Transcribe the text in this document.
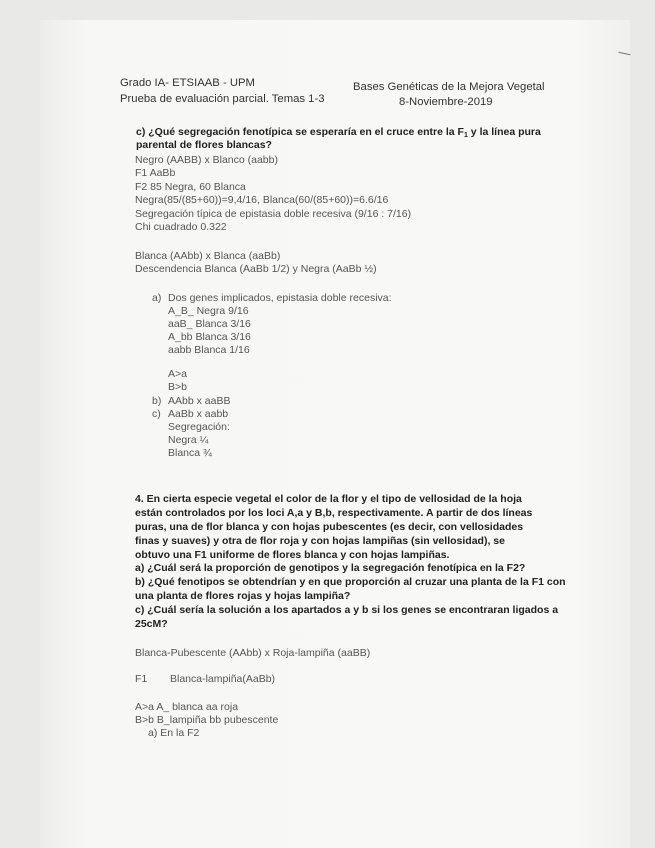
Grado IA- ETSIAAB - UPM
Prueba de evaluación parcial. Temas 1-3
Bases Genéticas de la Mejora Vegetal
8-Noviembre-2019
c) ¿Qué segregación fenotípica se esperaría en el cruce entre la $F_1$ y la línea pura
parental de flores blancas?
Negro (AABB) x Blanco (aabb)
F1 AaBb
F2 85 Negra, 60 Blanca
Negra(85/(85+60))=9,4/16, Blanca(60/(85+60))=6.6/16
Segregación típica de epistasia doble recesiva (9/16 : 7/16)
Chi cuadrado 0.322
Blanca (AAbb) x Blanca (aaBb)
Descendencia Blanca (AaBb 1/2) y Negra (AaBb ½)
a) Dos genes implicados, epistasia doble recesiva:
A_B_ Negra 9/16
aaB_ Blanca 3/16
A_bb Blanca 3/16
aabb Blanca 1/16
A>a
B>b
b) AAbb x aaBB
c) AaBb x aabb
Segregación:
Negra ¼
Blanca ¾
4. En cierta especie vegetal el color de la flor y el tipo de vellosidad de la hoja
están controlados por los loci A,a y B,b, respectivamente. A partir de dos líneas
puras, una de flor blanca y con hojas pubescentes (es decir, con vellosidades
finas y suaves) y otra de flor roja y con hojas lampiñas (sin vellosidad), se
obtuvo una F1 uniforme de flores blanca y con hojas lampiñas.
a) ¿Cuál será la proporción de genotipos y la segregación fenotípica en la F2?
b) ¿Qué fenotipos se obtendrían y en que proporción al cruzar una planta de la F1 con
una planta de flores rojas y hojas lampiña?
c) ¿Cuál sería la solución a los apartados a y b si los genes se encontraran ligados a
25cM?
Blanca-Pubescente (AAbb) x Roja-lampiña (aaBB)
F1 Blanca-lampiña(AaBb)
A>a A_ blanca aa roja
B>b B_lampiña bb pubescente
a) En la F2
